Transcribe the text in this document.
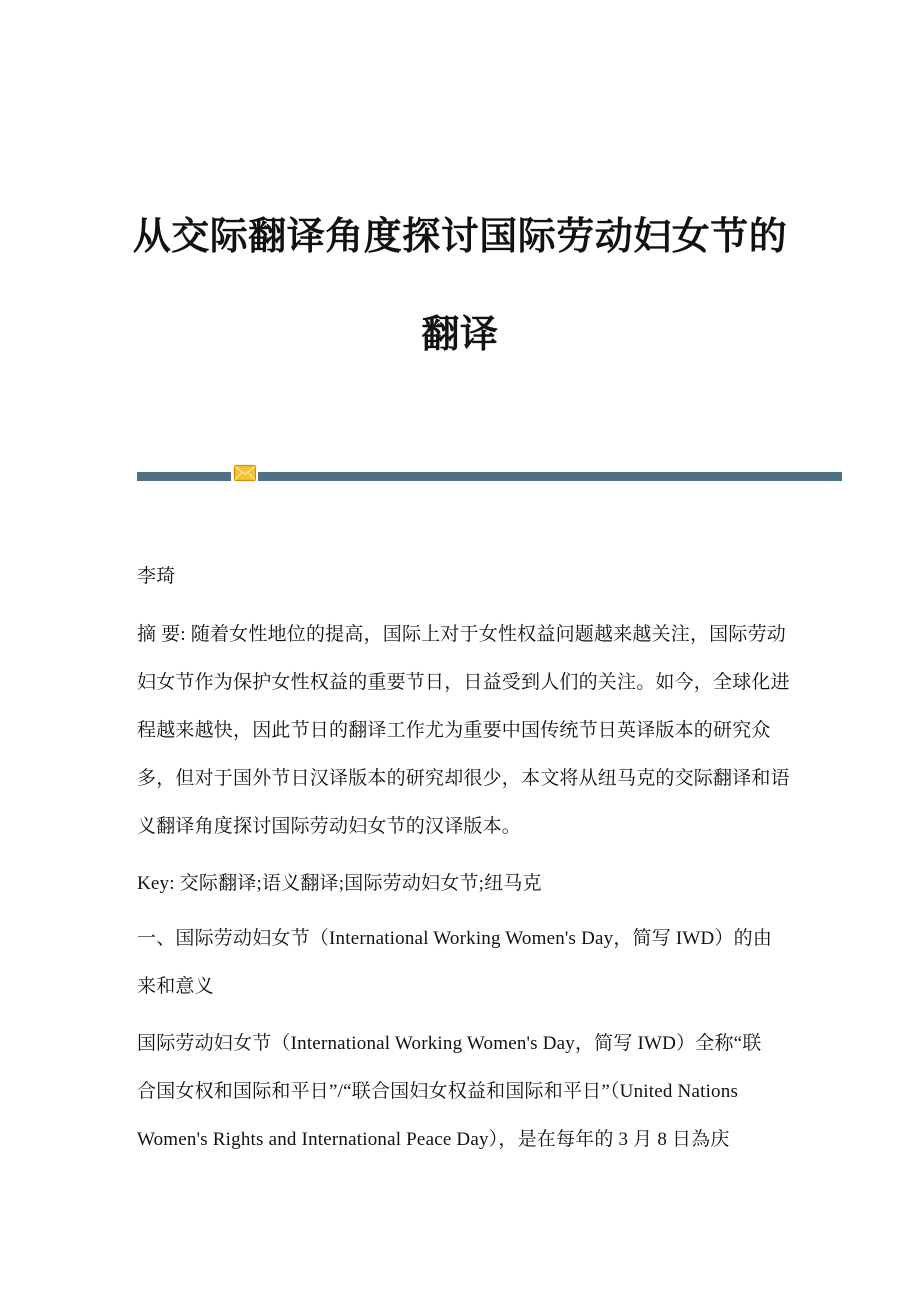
从交际翻译角度探讨国际劳动妇女节的
翻译
李琦
摘 要: 随着女性地位的提高，国际上对于女性权益问题越来越关注，国际劳动
妇女节作为保护女性权益的重要节日，日益受到人们的关注。如今，全球化进
程越来越快，因此节日的翻译工作尤为重要中国传统节日英译版本的研究众
多，但对于国外节日汉译版本的研究却很少，本文将从纽马克的交际翻译和语
义翻译角度探讨国际劳动妇女节的汉译版本。
Key: 交际翻译;语义翻译;国际劳动妇女节;纽马克
一、国际劳动妇女节（International Working Women's Day，简写 IWD）的由
来和意义
国际劳动妇女节（International Working Women's Day，简写 IWD）全称“联
合国女权和国际和平日”/“联合国妇女权益和国际和平日”（United Nations
Women's Rights and International Peace Day），是在每年的 3 月 8 日為庆
